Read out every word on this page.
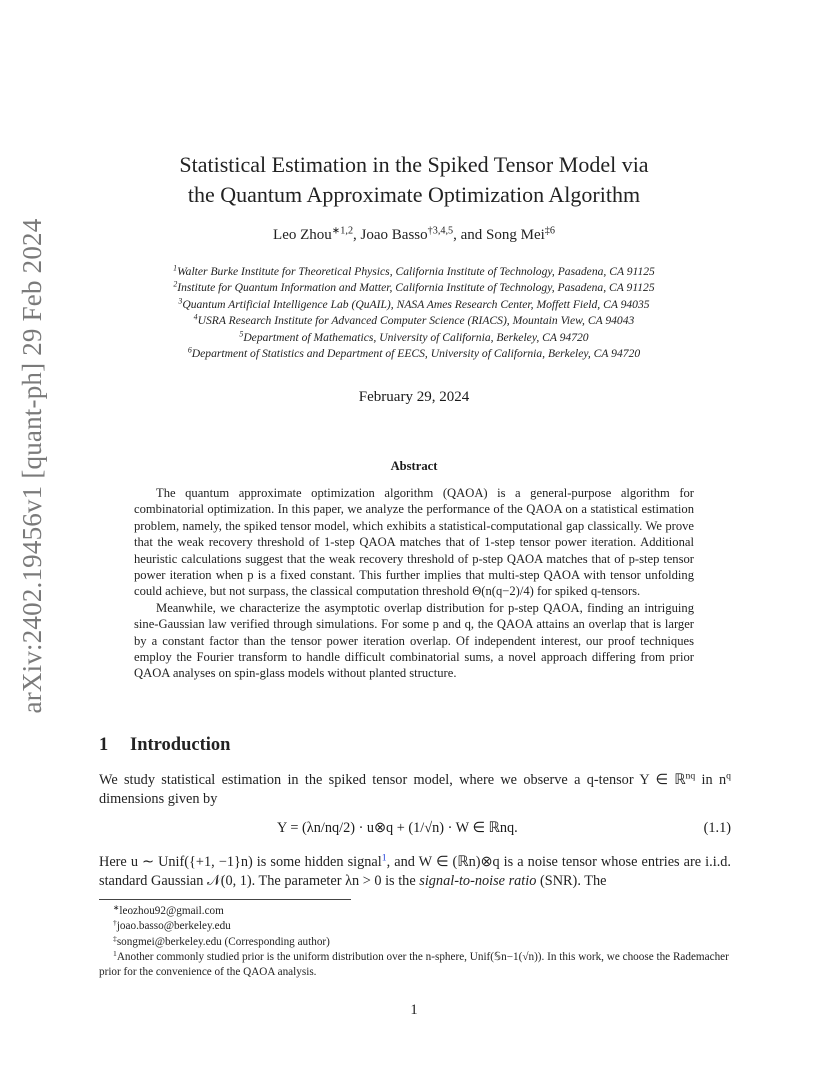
arXiv:2402.19456v1 [quant-ph] 29 Feb 2024
Statistical Estimation in the Spiked Tensor Model via
the Quantum Approximate Optimization Algorithm
Leo Zhou$^{∗1,2}$, Joao Basso$^{\dagger 3,4,5}$, and Song Mei$^{\ddagger 6}$
$^1$Walter Burke Institute for Theoretical Physics, California Institute of Technology, Pasadena, CA 91125
$^2$Institute for Quantum Information and Matter, California Institute of Technology, Pasadena, CA 91125
$^3$Quantum Artificial Intelligence Lab (QuAIL), NASA Ames Research Center, Moffett Field, CA 94035
$^4$USRA Research Institute for Advanced Computer Science (RIACS), Mountain View, CA 94043
$^5$Department of Mathematics, University of California, Berkeley, CA 94720
$^6$Department of Statistics and Department of EECS, University of California, Berkeley, CA 94720
February 29, 2024
Abstract

The quantum approximate optimization algorithm (QAOA) is a general-purpose algorithm for combinatorial optimization. In this paper, we analyze the performance of the QAOA on a statistical estimation problem, namely, the spiked tensor model, which exhibits a statistical-computational gap classically. We prove that the weak recovery threshold of 1-step QAOA matches that of 1-step tensor power iteration. Additional heuristic calculations suggest that the weak recovery threshold of p-step QAOA matches that of p-step tensor power iteration when p is a fixed constant. This further implies that multi-step QAOA with tensor unfolding could achieve, but not surpass, the classical computation threshold Θ(n(q−2)/4) for spiked q-tensors.

Meanwhile, we characterize the asymptotic overlap distribution for p-step QAOA, finding an intriguing sine-Gaussian law verified through simulations. For some p and q, the QAOA attains an overlap that is larger by a constant factor than the tensor power iteration overlap. Of independent interest, our proof techniques employ the Fourier transform to handle difficult combinatorial sums, a novel approach differing from prior QAOA analyses on spin-glass models without planted structure.

1 Introduction

We study statistical estimation in the spiked tensor model, where we observe a q-tensor Y ∈ ℝ$^{nq}$ in $n^q$ dimensions given by

Y = (λn/nq/2) · u⊗q + (1/√n) · W ∈ ℝnq.	(1.1)
Here u ∼ Unif({+1, −1}n) is some hidden signal$^1$, and W ∈ (ℝn)⊗q is a noise tensor whose entries are i.i.d. standard Gaussian 𝒩(0, 1). The parameter λn > 0 is the signal-to-noise ratio (SNR). The
∗leozhou92@gmail.com
†joao.basso@berkeley.edu
‡songmei@berkeley.edu (Corresponding author)
$^1$Another commonly studied prior is the uniform distribution over the n-sphere, Unif(𝕊n−1(√n)). In this work, we choose the Rademacher prior for the convenience of the QAOA analysis.
1
